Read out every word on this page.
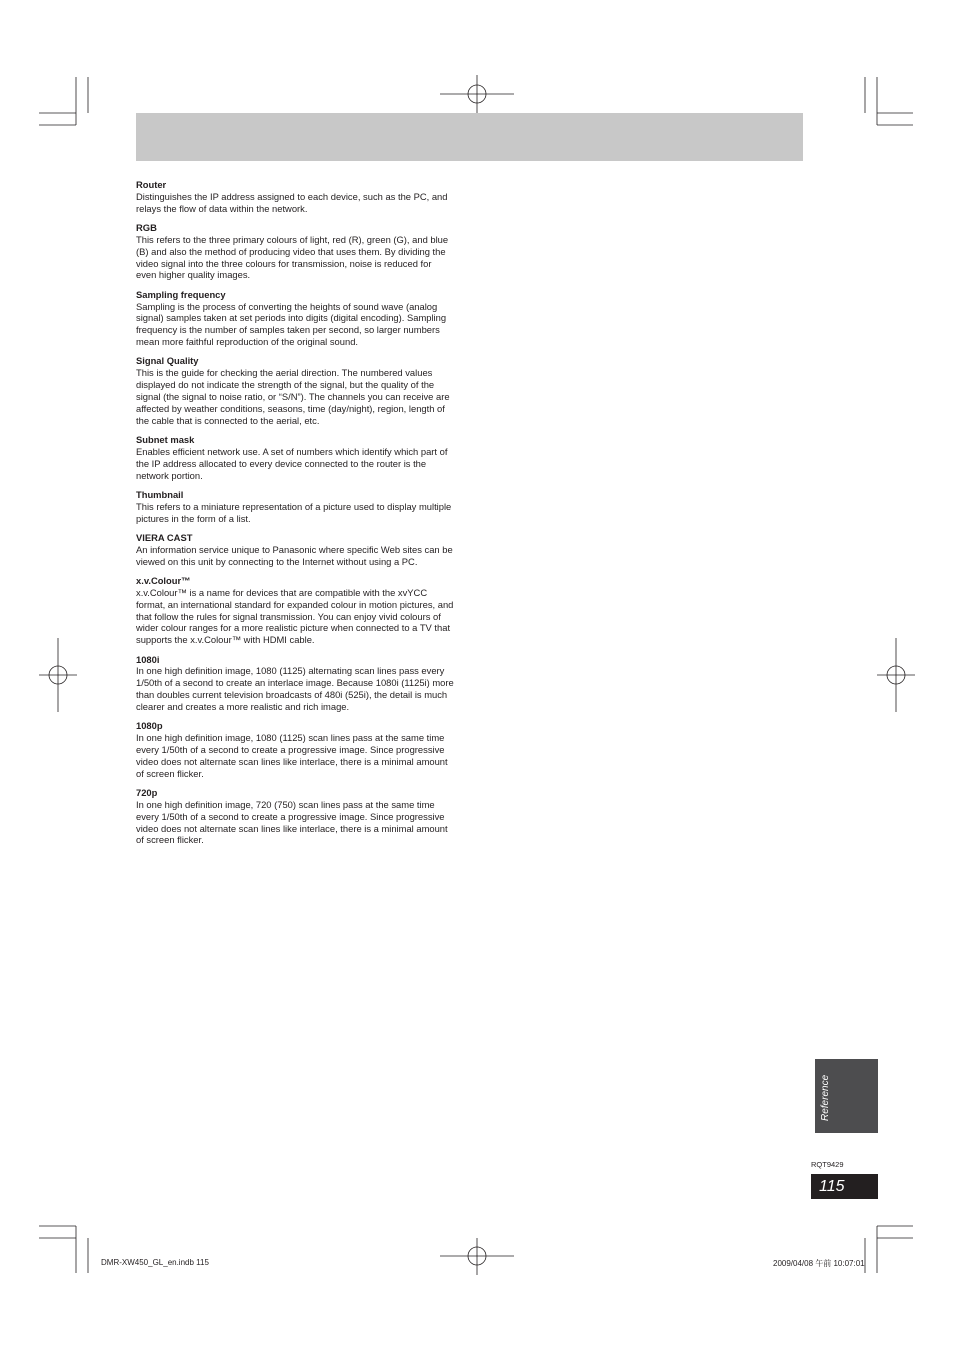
Router

Distinguishes the IP address assigned to each device, such as the PC, and relays the flow of data within the network.

RGB

This refers to the three primary colours of light, red (R), green (G), and blue (B) and also the method of producing video that uses them. By dividing the video signal into the three colours for transmission, noise is reduced for even higher quality images.

Sampling frequency

Sampling is the process of converting the heights of sound wave (analog signal) samples taken at set periods into digits (digital encoding). Sampling frequency is the number of samples taken per second, so larger numbers mean more faithful reproduction of the original sound.

Signal Quality

This is the guide for checking the aerial direction. The numbered values displayed do not indicate the strength of the signal, but the quality of the signal (the signal to noise ratio, or “S/N”). The channels you can receive are affected by weather conditions, seasons, time (day/night), region, length of the cable that is connected to the aerial, etc.

Subnet mask

Enables efficient network use. A set of numbers which identify which part of the IP address allocated to every device connected to the router is the network portion.

Thumbnail

This refers to a miniature representation of a picture used to display multiple pictures in the form of a list.

VIERA CAST

An information service unique to Panasonic where specific Web sites can be viewed on this unit by connecting to the Internet without using a PC.

x.v.Colour™

x.v.Colour™ is a name for devices that are compatible with the xvYCC format, an international standard for expanded colour in motion pictures, and that follow the rules for signal transmission. You can enjoy vivid colours of wider colour ranges for a more realistic picture when connected to a TV that supports the x.v.Colour™ with HDMI cable.

1080i

In one high definition image, 1080 (1125) alternating scan lines pass every 1/50th of a second to create an interlace image. Because 1080i (1125i) more than doubles current television broadcasts of 480i (525i), the detail is much clearer and creates a more realistic and rich image.

1080p

In one high definition image, 1080 (1125) scan lines pass at the same time every 1/50th of a second to create a progressive image. Since progressive video does not alternate scan lines like interlace, there is a minimal amount of screen flicker.

720p

In one high definition image, 720 (750) scan lines pass at the same time every 1/50th of a second to create a progressive image. Since progressive video does not alternate scan lines like interlace, there is a minimal amount of screen flicker.

Reference
RQT9429
115
DMR-XW450_GL_en.indb 115	2009/04/08 午前 10:07:01
